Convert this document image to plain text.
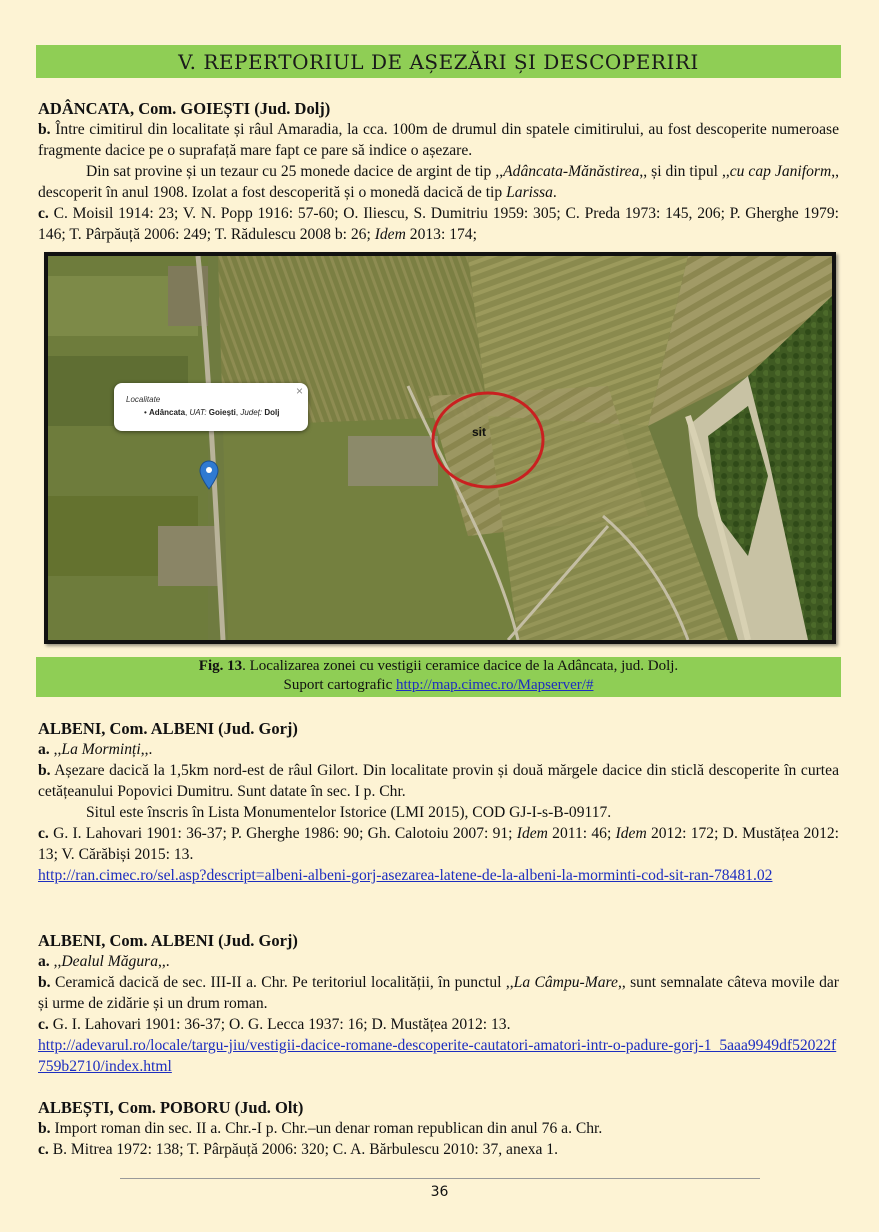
V. REPERTORIUL DE AȘEZĂRI ȘI DESCOPERIRI

ADÂNCATA, Com. GOIEȘTI (Jud. Dolj)

b. Între cimitirul din localitate și râul Amaradia, la cca. 100m de drumul din spatele cimitirului, au fost descoperite numeroase fragmente dacice pe o suprafață mare fapt ce pare să indice o așezare.

Din sat provine și un tezaur cu 25 monede dacice de argint de tip ,,Adâncata-Mănăstirea,, și din tipul ,,cu cap Janiform,, descoperit în anul 1908. Izolat a fost descoperită și o monedă dacică de tip Larissa.

c. C. Moisil 1914: 23; V. N. Popp 1916: 57-60; O. Iliescu, S. Dumitriu 1959: 305; C. Preda 1973: 145, 206; P. Gherghe 1979: 146; T. Pârpăuță 2006: 249; T. Rădulescu 2008 b: 26; Idem 2013: 174;

sit
×
Localitate
• Adâncata, UAT: Goiești, Județ: Dolj
Fig. 13. Localizarea zonei cu vestigii ceramice dacice de la Adâncata, jud. Dolj.
Suport cartografic http://map.cimec.ro/Mapserver/#

ALBENI, Com. ALBENI (Jud. Gorj)

a. ,,La Morminți,,.

b. Așezare dacică la 1,5km nord-est de râul Gilort. Din localitate provin și două mărgele dacice din sticlă descoperite în curtea cetățeanului Popovici Dumitru. Sunt datate în sec. I p. Chr.

Situl este înscris în Lista Monumentelor Istorice (LMI 2015), COD GJ-I-s-B-09117.

c. G. I. Lahovari 1901: 36-37; P. Gherghe 1986: 90; Gh. Calotoiu 2007: 91; Idem 2011: 46; Idem 2012: 172; D. Mustățea 2012: 13; V. Cărăbiși 2015: 13.

http://ran.cimec.ro/sel.asp?descript=albeni-albeni-gorj-asezarea-latene-de-la-albeni-la-morminti-cod-sit-ran-78481.02

ALBENI, Com. ALBENI (Jud. Gorj)

a. ,,Dealul Măgura,,.

b. Ceramică dacică de sec. III-II a. Chr. Pe teritoriul localității, în punctul ,,La Câmpu-Mare,, sunt semnalate câteva movile dar și urme de zidărie și un drum roman.

c. G. I. Lahovari 1901: 36-37; O. G. Lecca 1937: 16; D. Mustățea 2012: 13.

http://adevarul.ro/locale/targu-jiu/vestigii-dacice-romane-descoperite-cautatori-amatori-intr-o-padure-gorj-1_5aaa9949df52022f759b2710/index.html

ALBEȘTI, Com. POBORU (Jud. Olt)

b. Import roman din sec. II a. Chr.-I p. Chr.–un denar roman republican din anul 76 a. Chr.

c. B. Mitrea 1972: 138; T. Pârpăuță 2006: 320; C. A. Bărbulescu 2010: 37, anexa 1.

36
